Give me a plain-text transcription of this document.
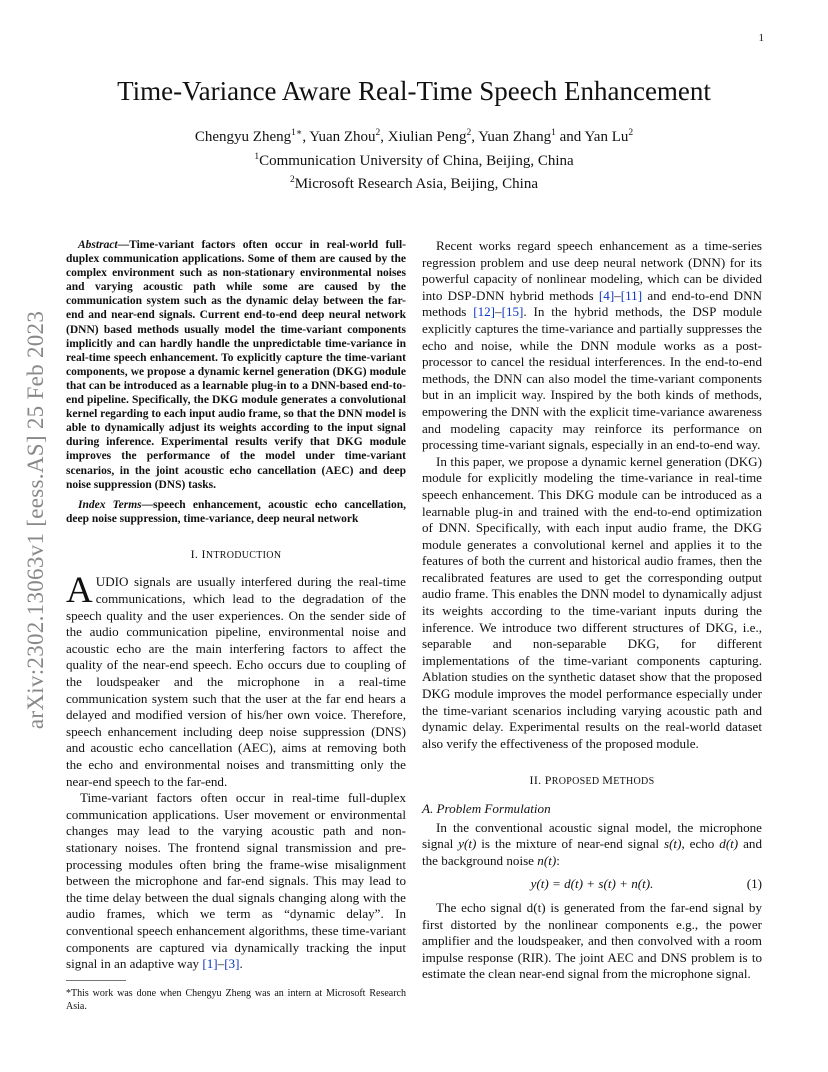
1
arXiv:2302.13063v1 [eess.AS] 25 Feb 2023
Time-Variance Aware Real-Time Speech Enhancement
Chengyu Zheng$^{1∗}$, Yuan Zhou$^2$, Xiulian Peng$^2$, Yuan Zhang$^1$ and Yan Lu$^2$
$^1$Communication University of China, Beijing, China
$^2$Microsoft Research Asia, Beijing, China

Abstract—Time-variant factors often occur in real-world full-duplex communication applications. Some of them are caused by the complex environment such as non-stationary environmental noises and varying acoustic path while some are caused by the communication system such as the dynamic delay between the far-end and near-end signals. Current end-to-end deep neural network (DNN) based methods usually model the time-variant components implicitly and can hardly handle the unpredictable time-variance in real-time speech enhancement. To explicitly capture the time-variant components, we propose a dynamic kernel generation (DKG) module that can be introduced as a learnable plug-in to a DNN-based end-to-end pipeline. Specifically, the DKG module generates a convolutional kernel regarding to each input audio frame, so that the DNN model is able to dynamically adjust its weights according to the input signal during inference. Experimental results verify that DKG module improves the performance of the model under time-variant scenarios, in the joint acoustic echo cancellation (AEC) and deep noise suppression (DNS) tasks.

Index Terms—speech enhancement, acoustic echo cancellation, deep noise suppression, time-variance, deep neural network

I. INTRODUCTION

AUDIO signals are usually interfered during the real-time communications, which lead to the degradation of the speech quality and the user experiences. On the sender side of the audio communication pipeline, environmental noise and acoustic echo are the main interfering factors to affect the quality of the near-end speech. Echo occurs due to coupling of the loudspeaker and the microphone in a real-time communication system such that the user at the far end hears a delayed and modified version of his/her own voice. Therefore, speech enhancement including deep noise suppression (DNS) and acoustic echo cancellation (AEC), aims at removing both the echo and environmental noises and transmitting only the near-end speech to the far-end.

Time-variant factors often occur in real-time full-duplex communication applications. User movement or environmental changes may lead to the varying acoustic path and non-stationary noises. The frontend signal transmission and pre-processing modules often bring the frame-wise misalignment between the microphone and far-end signals. This may lead to the time delay between the dual signals changing along with the audio frames, which we term as “dynamic delay”. In conventional speech enhancement algorithms, these time-variant components are captured via dynamically tracking the input signal in an adaptive way [1]–[3].

*This work was done when Chengyu Zheng was an intern at Microsoft Research Asia.

Recent works regard speech enhancement as a time-series regression problem and use deep neural network (DNN) for its powerful capacity of nonlinear modeling, which can be divided into DSP-DNN hybrid methods [4]–[11] and end-to-end DNN methods [12]–[15]. In the hybrid methods, the DSP module explicitly captures the time-variance and partially suppresses the echo and noise, while the DNN module works as a post-processor to cancel the residual interferences. In the end-to-end methods, the DNN can also model the time-variant components but in an implicit way. Inspired by the both kinds of methods, empowering the DNN with the explicit time-variance awareness and modeling capacity may reinforce its performance on processing time-variant signals, especially in an end-to-end way.

In this paper, we propose a dynamic kernel generation (DKG) module for explicitly modeling the time-variance in real-time speech enhancement. This DKG module can be introduced as a learnable plug-in and trained with the end-to-end optimization of DNN. Specifically, with each input audio frame, the DKG module generates a convolutional kernel and applies it to the features of both the current and historical audio frames, then the recalibrated features are used to get the corresponding output audio frame. This enables the DNN model to dynamically adjust its weights according to the time-variant inputs during the inference. We introduce two different structures of DKG, i.e., separable and non-separable DKG, for different implementations of the time-variant components capturing. Ablation studies on the synthetic dataset show that the proposed DKG module improves the model performance especially under the time-variant scenarios including varying acoustic path and dynamic delay. Experimental results on the real-world dataset also verify the effectiveness of the proposed module.

II. PROPOSED METHODS

A. Problem Formulation

In the conventional acoustic signal model, the microphone signal y(t) is the mixture of near-end signal s(t), echo d(t) and the background noise n(t):

y(t) = d(t) + s(t) + n(t).	(1)

The echo signal d(t) is generated from the far-end signal by first distorted by the nonlinear components e.g., the power amplifier and the loudspeaker, and then convolved with a room impulse response (RIR). The joint AEC and DNS problem is to estimate the clean near-end signal from the microphone signal.
